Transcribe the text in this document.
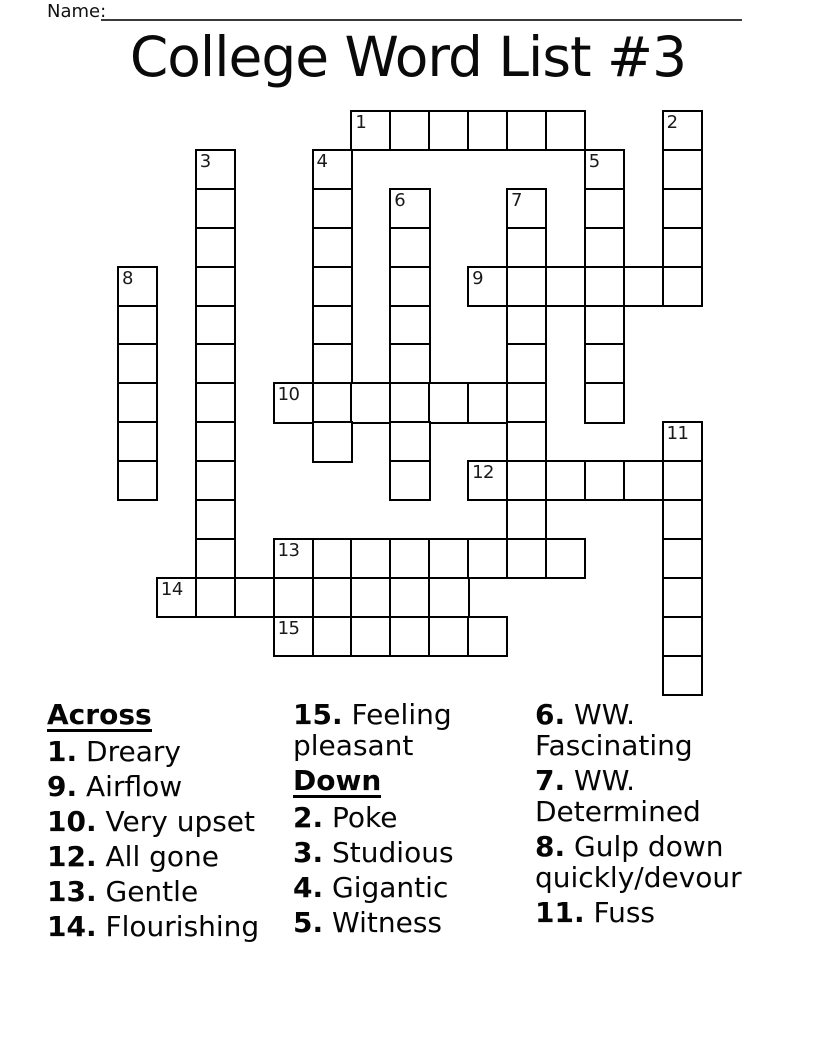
Name:
College Word List #3
1	2
3	4	5
6	7
8	9
10
11
12
13
14
15
Across
1. Dreary
9. Airflow
10. Very upset
12. All gone
13. Gentle
14. Flourishing
15. Feeling pleasant
Down
2. Poke
3. Studious
4. Gigantic
5. Witness
6. WW. Fascinating
7. WW. Determined
8. Gulp down quickly/devour
11. Fuss
